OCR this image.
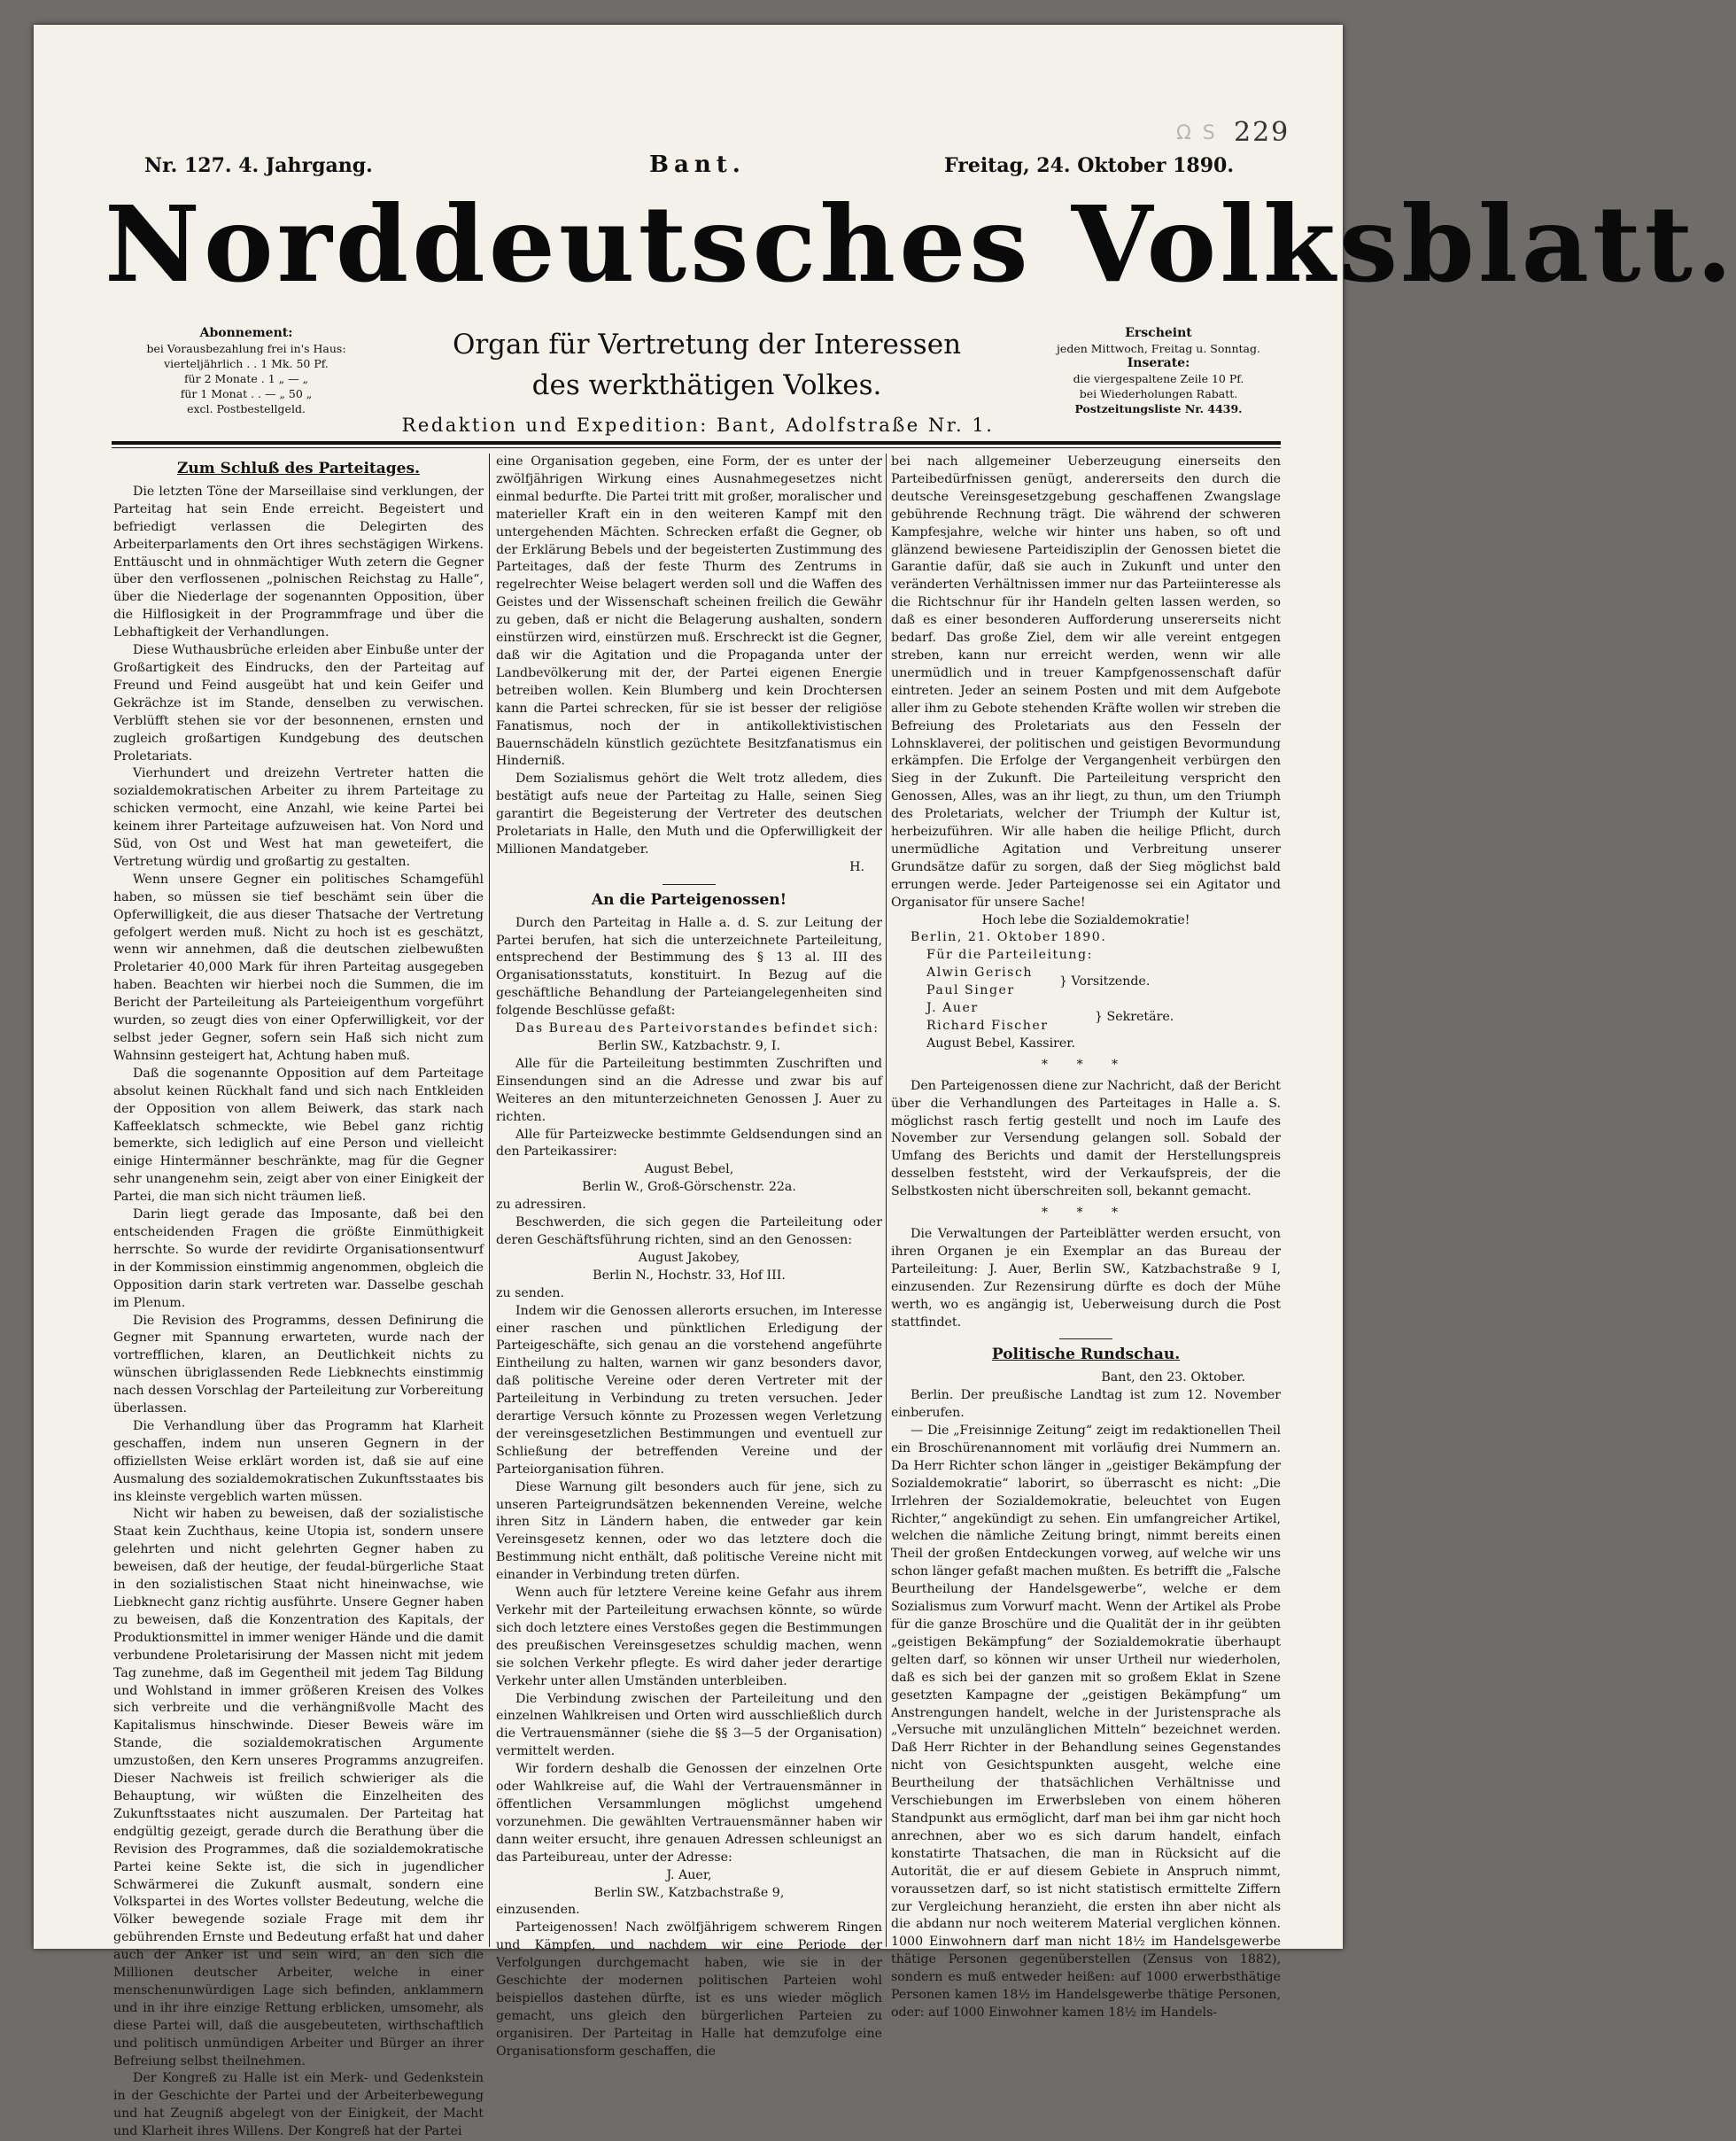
Ω S 229
Nr. 127. 4. Jahrgang.	Bant.	Freitag, 24. Oktober 1890.
Norddeutsches Volksblatt.
Abonnement:
bei Vorausbezahlung frei in's Haus:
vierteljährlich . . 1 Mk. 50 Pf.
für 2 Monate . 1 „ — „
für 1 Monat . . — „ 50 „
excl. Postbestellgeld.
Organ für Vertretung der Interessen
des werkthätigen Volkes.
Erscheint
jeden Mittwoch, Freitag u. Sonntag.
Inserate:
die viergespaltene Zeile 10 Pf.
bei Wiederholungen Rabatt.
Postzeitungsliste Nr. 4439.
Redaktion und Expedition: Bant, Adolfstraße Nr. 1.
Zum Schluß des Parteitages.

Die letzten Töne der Marseillaise sind verklungen, der Parteitag hat sein Ende erreicht. Begeistert und befriedigt verlassen die Delegirten des Arbeiterparlaments den Ort ihres sechstägigen Wirkens. Enttäuscht und in ohnmächtiger Wuth zetern die Gegner über den verflossenen „polnischen Reichstag zu Halle“, über die Niederlage der sogenannten Opposition, über die Hilflosigkeit in der Programmfrage und über die Lebhaftigkeit der Verhandlungen.

Diese Wuthausbrüche erleiden aber Einbuße unter der Großartigkeit des Eindrucks, den der Parteitag auf Freund und Feind ausgeübt hat und kein Geifer und Gekrächze ist im Stande, denselben zu verwischen. Verblüfft stehen sie vor der besonnenen, ernsten und zugleich großartigen Kundgebung des deutschen Proletariats.

Vierhundert und dreizehn Vertreter hatten die sozialdemokratischen Arbeiter zu ihrem Parteitage zu schicken vermocht, eine Anzahl, wie keine Partei bei keinem ihrer Parteitage aufzuweisen hat. Von Nord und Süd, von Ost und West hat man geweteifert, die Vertretung würdig und großartig zu gestalten.

Wenn unsere Gegner ein politisches Schamgefühl haben, so müssen sie tief beschämt sein über die Opferwilligkeit, die aus dieser Thatsache der Vertretung gefolgert werden muß. Nicht zu hoch ist es geschätzt, wenn wir annehmen, daß die deutschen zielbewußten Proletarier 40,000 Mark für ihren Parteitag ausgegeben haben. Beachten wir hierbei noch die Summen, die im Bericht der Parteileitung als Parteieigenthum vorgeführt wurden, so zeugt dies von einer Opferwilligkeit, vor der selbst jeder Gegner, sofern sein Haß sich nicht zum Wahnsinn gesteigert hat, Achtung haben muß.

Daß die sogenannte Opposition auf dem Parteitage absolut keinen Rückhalt fand und sich nach Entkleiden der Opposition von allem Beiwerk, das stark nach Kaffeeklatsch schmeckte, wie Bebel ganz richtig bemerkte, sich lediglich auf eine Person und vielleicht einige Hintermänner beschränkte, mag für die Gegner sehr unangenehm sein, zeigt aber von einer Einigkeit der Partei, die man sich nicht träumen ließ.

Darin liegt gerade das Imposante, daß bei den entscheidenden Fragen die größte Einmüthigkeit herrschte. So wurde der revidirte Organisationsentwurf in der Kommission einstimmig angenommen, obgleich die Opposition darin stark vertreten war. Dasselbe geschah im Plenum.

Die Revision des Programms, dessen Definirung die Gegner mit Spannung erwarteten, wurde nach der vortrefflichen, klaren, an Deutlichkeit nichts zu wünschen übriglassenden Rede Liebknechts einstimmig nach dessen Vorschlag der Parteileitung zur Vorbereitung überlassen.

Die Verhandlung über das Programm hat Klarheit geschaffen, indem nun unseren Gegnern in der offiziellsten Weise erklärt worden ist, daß sie auf eine Ausmalung des sozialdemokratischen Zukunftsstaates bis ins kleinste vergeblich warten müssen.

Nicht wir haben zu beweisen, daß der sozialistische Staat kein Zuchthaus, keine Utopia ist, sondern unsere gelehrten und nicht gelehrten Gegner haben zu beweisen, daß der heutige, der feudal-bürgerliche Staat in den sozialistischen Staat nicht hineinwachse, wie Liebknecht ganz richtig ausführte. Unsere Gegner haben zu beweisen, daß die Konzentration des Kapitals, der Produktionsmittel in immer weniger Hände und die damit verbundene Proletarisirung der Massen nicht mit jedem Tag zunehme, daß im Gegentheil mit jedem Tag Bildung und Wohlstand in immer größeren Kreisen des Volkes sich verbreite und die verhängnißvolle Macht des Kapitalismus hinschwinde. Dieser Beweis wäre im Stande, die sozialdemokratischen Argumente umzustoßen, den Kern unseres Programms anzugreifen. Dieser Nachweis ist freilich schwieriger als die Behauptung, wir wüßten die Einzelheiten des Zukunftsstaates nicht auszumalen. Der Parteitag hat endgültig gezeigt, gerade durch die Berathung über die Revision des Programmes, daß die sozialdemokratische Partei keine Sekte ist, die sich in jugendlicher Schwärmerei die Zukunft ausmalt, sondern eine Volkspartei in des Wortes vollster Bedeutung, welche die Völker bewegende soziale Frage mit dem ihr gebührenden Ernste und Bedeutung erfaßt hat und daher auch der Anker ist und sein wird, an den sich die Millionen deutscher Arbeiter, welche in einer menschenunwürdigen Lage sich befinden, anklammern und in ihr ihre einzige Rettung erblicken, umsomehr, als diese Partei will, daß die ausgebeuteten, wirthschaftlich und politisch unmündigen Arbeiter und Bürger an ihrer Befreiung selbst theilnehmen.

Der Kongreß zu Halle ist ein Merk- und Gedenkstein in der Geschichte der Partei und der Arbeiterbewegung und hat Zeugniß abgelegt von der Einigkeit, der Macht und Klarheit ihres Willens. Der Kongreß hat der Partei

eine Organisation gegeben, eine Form, der es unter der zwölfjährigen Wirkung eines Ausnahmegesetzes nicht einmal bedurfte. Die Partei tritt mit großer, moralischer und materieller Kraft ein in den weiteren Kampf mit den untergehenden Mächten. Schrecken erfaßt die Gegner, ob der Erklärung Bebels und der begeisterten Zustimmung des Parteitages, daß der feste Thurm des Zentrums in regelrechter Weise belagert werden soll und die Waffen des Geistes und der Wissenschaft scheinen freilich die Gewähr zu geben, daß er nicht die Belagerung aushalten, sondern einstürzen wird, einstürzen muß. Erschreckt ist die Gegner, daß wir die Agitation und die Propaganda unter der Landbevölkerung mit der, der Partei eigenen Energie betreiben wollen. Kein Blumberg und kein Drochtersen kann die Partei schrecken, für sie ist besser der religiöse Fanatismus, noch der in antikollektivistischen Bauernschädeln künstlich gezüchtete Besitzfanatismus ein Hinderniß.

Dem Sozialismus gehört die Welt trotz alledem, dies bestätigt aufs neue der Parteitag zu Halle, seinen Sieg garantirt die Begeisterung der Vertreter des deutschen Proletariats in Halle, den Muth und die Opferwilligkeit der Millionen Mandatgeber.

H.

An die Parteigenossen!

Durch den Parteitag in Halle a. d. S. zur Leitung der Partei berufen, hat sich die unterzeichnete Parteileitung, entsprechend der Bestimmung des § 13 al. III des Organisationsstatuts, konstituirt. In Bezug auf die geschäftliche Behandlung der Parteiangelegenheiten sind folgende Beschlüsse gefaßt:

Das Bureau des Parteivorstandes befindet sich:

Berlin SW., Katzbachstr. 9, I.

Alle für die Parteileitung bestimmten Zuschriften und Einsendungen sind an die Adresse und zwar bis auf Weiteres an den mitunterzeichneten Genossen J. Auer zu richten.

Alle für Parteizwecke bestimmte Geldsendungen sind an den Parteikassirer:

August Bebel,

Berlin W., Groß-Görschenstr. 22a.

zu adressiren.

Beschwerden, die sich gegen die Parteileitung oder deren Geschäftsführung richten, sind an den Genossen:

August Jakobey,

Berlin N., Hochstr. 33, Hof III.

zu senden.

Indem wir die Genossen allerorts ersuchen, im Interesse einer raschen und pünktlichen Erledigung der Parteigeschäfte, sich genau an die vorstehend angeführte Eintheilung zu halten, warnen wir ganz besonders davor, daß politische Vereine oder deren Vertreter mit der Parteileitung in Verbindung zu treten versuchen. Jeder derartige Versuch könnte zu Prozessen wegen Verletzung der vereinsgesetzlichen Bestimmungen und eventuell zur Schließung der betreffenden Vereine und der Parteiorganisation führen.

Diese Warnung gilt besonders auch für jene, sich zu unseren Parteigrundsätzen bekennenden Vereine, welche ihren Sitz in Ländern haben, die entweder gar kein Vereinsgesetz kennen, oder wo das letztere doch die Bestimmung nicht enthält, daß politische Vereine nicht mit einander in Verbindung treten dürfen.

Wenn auch für letztere Vereine keine Gefahr aus ihrem Verkehr mit der Parteileitung erwachsen könnte, so würde sich doch letztere eines Verstoßes gegen die Bestimmungen des preußischen Vereinsgesetzes schuldig machen, wenn sie solchen Verkehr pflegte. Es wird daher jeder derartige Verkehr unter allen Umständen unterbleiben.

Die Verbindung zwischen der Parteileitung und den einzelnen Wahlkreisen und Orten wird ausschließlich durch die Vertrauensmänner (siehe die §§ 3—5 der Organisation) vermittelt werden.

Wir fordern deshalb die Genossen der einzelnen Orte oder Wahlkreise auf, die Wahl der Vertrauensmänner in öffentlichen Versammlungen möglichst umgehend vorzunehmen. Die gewählten Vertrauensmänner haben wir dann weiter ersucht, ihre genauen Adressen schleunigst an das Parteibureau, unter der Adresse:

J. Auer,

Berlin SW., Katzbachstraße 9,

einzusenden.

Parteigenossen! Nach zwölfjährigem schwerem Ringen und Kämpfen, und nachdem wir eine Periode der Verfolgungen durchgemacht haben, wie sie in der Geschichte der modernen politischen Parteien wohl beispiellos dastehen dürfte, ist es uns wieder möglich gemacht, uns gleich den bürgerlichen Parteien zu organisiren. Der Parteitag in Halle hat demzufolge eine Organisationsform geschaffen, die

bei nach allgemeiner Ueberzeugung einerseits den Parteibedürfnissen genügt, andererseits den durch die deutsche Vereinsgesetzgebung geschaffenen Zwangslage gebührende Rechnung trägt. Die während der schweren Kampfesjahre, welche wir hinter uns haben, so oft und glänzend bewiesene Parteidisziplin der Genossen bietet die Garantie dafür, daß sie auch in Zukunft und unter den veränderten Verhältnissen immer nur das Parteiinteresse als die Richtschnur für ihr Handeln gelten lassen werden, so daß es einer besonderen Aufforderung unsererseits nicht bedarf. Das große Ziel, dem wir alle vereint entgegen streben, kann nur erreicht werden, wenn wir alle unermüdlich und in treuer Kampfgenossenschaft dafür eintreten. Jeder an seinem Posten und mit dem Aufgebote aller ihm zu Gebote stehenden Kräfte wollen wir streben die Befreiung des Proletariats aus den Fesseln der Lohnsklaverei, der politischen und geistigen Bevormundung erkämpfen. Die Erfolge der Vergangenheit verbürgen den Sieg in der Zukunft. Die Parteileitung verspricht den Genossen, Alles, was an ihr liegt, zu thun, um den Triumph des Proletariats, welcher der Triumph der Kultur ist, herbeizuführen. Wir alle haben die heilige Pflicht, durch unermüdliche Agitation und Verbreitung unserer Grundsätze dafür zu sorgen, daß der Sieg möglichst bald errungen werde. Jeder Parteigenosse sei ein Agitator und Organisator für unsere Sache!

Hoch lebe die Sozialdemokratie!

Berlin, 21. Oktober 1890.

Für die Parteileitung:

Alwin Gerisch

Paul Singer

} Vorsitzende.

J. Auer

Richard Fischer

} Sekretäre.

August Bebel, Kassirer.

* * *

Den Parteigenossen diene zur Nachricht, daß der Bericht über die Verhandlungen des Parteitages in Halle a. S. möglichst rasch fertig gestellt und noch im Laufe des November zur Versendung gelangen soll. Sobald der Umfang des Berichts und damit der Herstellungspreis desselben feststeht, wird der Verkaufspreis, der die Selbstkosten nicht überschreiten soll, bekannt gemacht.

* * *

Die Verwaltungen der Parteiblätter werden ersucht, von ihren Organen je ein Exemplar an das Bureau der Parteileitung: J. Auer, Berlin SW., Katzbachstraße 9 I, einzusenden. Zur Rezensirung dürfte es doch der Mühe werth, wo es angängig ist, Ueberweisung durch die Post stattfindet.

Politische Rundschau.

Bant, den 23. Oktober.

Berlin. Der preußische Landtag ist zum 12. November einberufen.

— Die „Freisinnige Zeitung“ zeigt im redaktionellen Theil ein Broschürenannoment mit vorläufig drei Nummern an. Da Herr Richter schon länger in „geistiger Bekämpfung der Sozialdemokratie“ laborirt, so überrascht es nicht: „Die Irrlehren der Sozialdemokratie, beleuchtet von Eugen Richter,“ angekündigt zu sehen. Ein umfangreicher Artikel, welchen die nämliche Zeitung bringt, nimmt bereits einen Theil der großen Entdeckungen vorweg, auf welche wir uns schon länger gefaßt machen mußten. Es betrifft die „Falsche Beurtheilung der Handelsgewerbe“, welche er dem Sozialismus zum Vorwurf macht. Wenn der Artikel als Probe für die ganze Broschüre und die Qualität der in ihr geübten „geistigen Bekämpfung“ der Sozialdemokratie überhaupt gelten darf, so können wir unser Urtheil nur wiederholen, daß es sich bei der ganzen mit so großem Eklat in Szene gesetzten Kampagne der „geistigen Bekämpfung“ um Anstrengungen handelt, welche in der Juristensprache als „Versuche mit unzulänglichen Mitteln“ bezeichnet werden. Daß Herr Richter in der Behandlung seines Gegenstandes nicht von Gesichtspunkten ausgeht, welche eine Beurtheilung der thatsächlichen Verhältnisse und Verschiebungen im Erwerbsleben von einem höheren Standpunkt aus ermöglicht, darf man bei ihm gar nicht hoch anrechnen, aber wo es sich darum handelt, einfach konstatirte Thatsachen, die man in Rücksicht auf die Autorität, die er auf diesem Gebiete in Anspruch nimmt, voraussetzen darf, so ist nicht statistisch ermittelte Ziffern zur Vergleichung heranzieht, die ersten ihn aber nicht als die abdann nur noch weiterem Material verglichen können. 1000 Einwohnern darf man nicht 18½ im Handelsgewerbe thätige Personen gegenüberstellen (Zensus von 1882), sondern es muß entweder heißen: auf 1000 erwerbsthätige Personen kamen 18½ im Handelsgewerbe thätige Personen, oder: auf 1000 Einwohner kamen 18½ im Handels-
